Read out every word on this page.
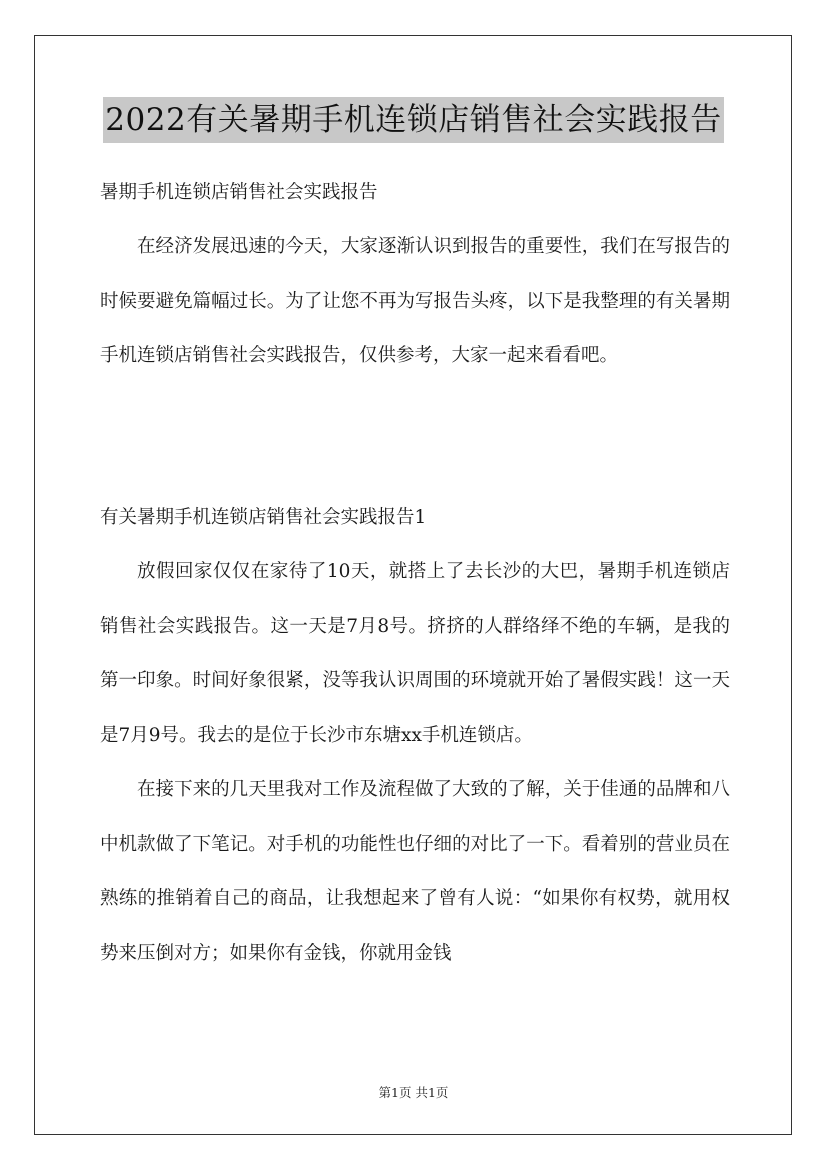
2022有关暑期手机连锁店销售社会实践报告
暑期手机连锁店销售社会实践报告

在经济发展迅速的今天，大家逐渐认识到报告的重要性，我们在写报告的时候要避免篇幅过长。为了让您不再为写报告头疼，以下是我整理的有关暑期手机连锁店销售社会实践报告，仅供参考，大家一起来看看吧。

有关暑期手机连锁店销售社会实践报告1

放假回家仅仅在家待了10天，就搭上了去长沙的大巴，暑期手机连锁店销售社会实践报告。这一天是7月8号。挤挤的人群络绎不绝的车辆，是我的第一印象。时间好象很紧，没等我认识周围的环境就开始了暑假实践！这一天是7月9号。我去的是位于长沙市东塘xx手机连锁店。

在接下来的几天里我对工作及流程做了大致的了解，关于佳通的品牌和八中机款做了下笔记。对手机的功能性也仔细的对比了一下。看着别的营业员在熟练的推销着自己的商品，让我想起来了曾有人说：“如果你有权势，就用权势来压倒对方；如果你有金钱，你就用金钱

第1页 共1页
